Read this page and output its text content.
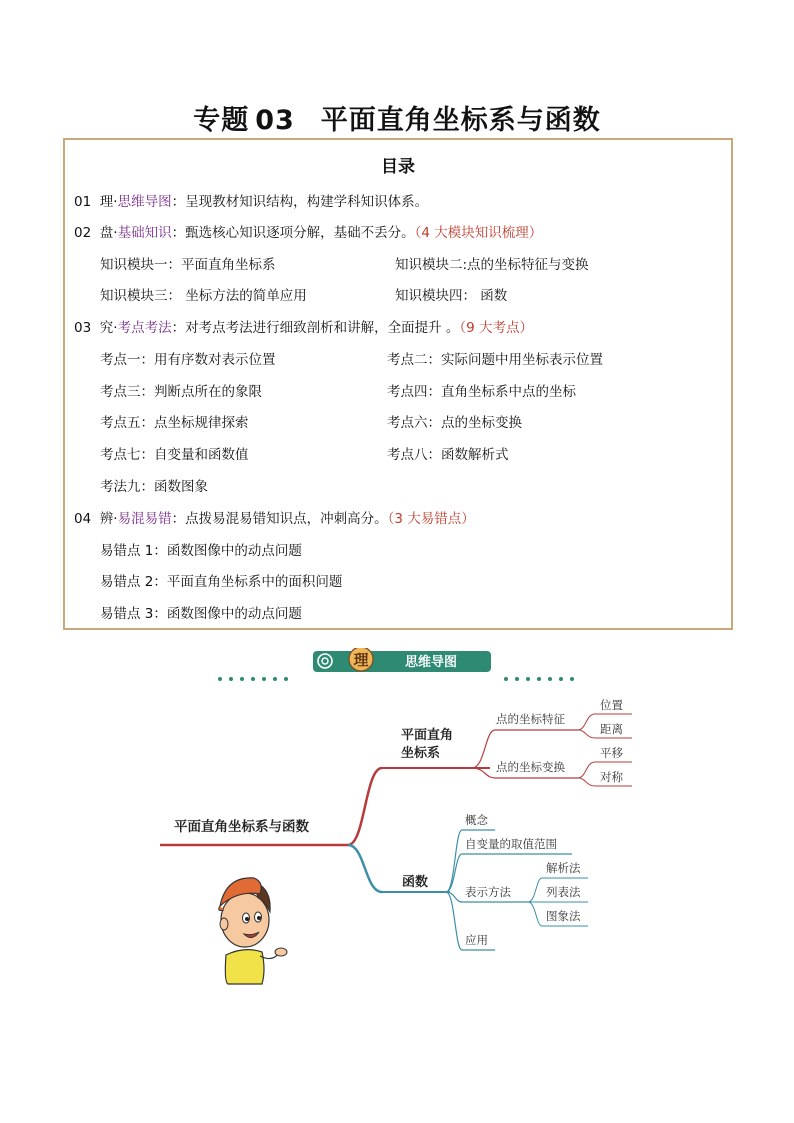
专题 03 平面直角坐标系与函数
目录
01 理·思维导图：呈现教材知识结构，构建学科知识体系。
02 盘·基础知识：甄选核心知识逐项分解，基础不丢分。（4 大模块知识梳理）
知识模块一：平面直角坐标系	知识模块二:点的坐标特征与变换
知识模块三： 坐标方法的简单应用	知识模块四： 函数
03 究·考点考法：对考点考法进行细致剖析和讲解，全面提升 。（9 大考点）
考点一：用有序数对表示位置	考点二：实际问题中用坐标表示位置
考点三：判断点所在的象限	考点四：直角坐标系中点的坐标
考点五：点坐标规律探索	考点六：点的坐标变换
考点七：自变量和函数值	考点八：函数解析式
考法九：函数图象
04 辨·易混易错：点拨易混易错知识点，冲刺高分。（3 大易错点）
易错点 1：函数图像中的动点问题
易错点 2：平面直角坐标系中的面积问题
易错点 3：函数图像中的动点问题
理	思维导图
平面直角坐标系与函数
平面直角
坐标系
点的坐标特征
位置
距离
点的坐标变换
平移
对称
函数
概念
自变量的取值范围
表示方法
解析法
列表法
图象法
应用
